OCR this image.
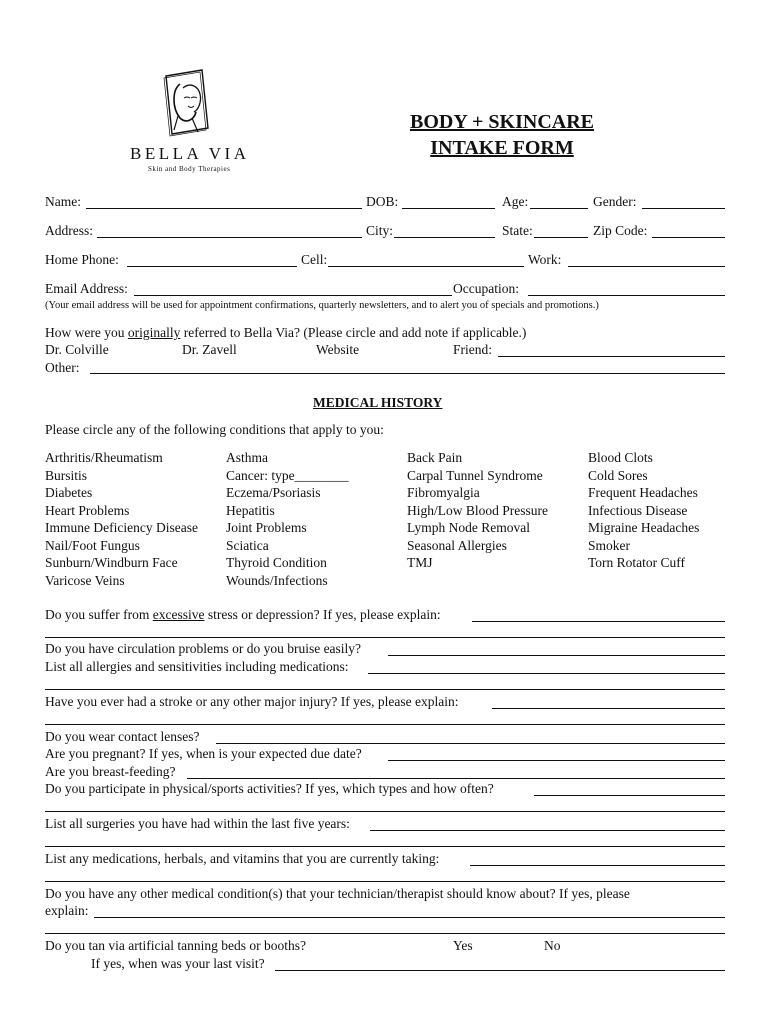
BELLA VIA
Skin and Body Therapies
BODY + SKINCARE
INTAKE FORM
Name:	DOB:	Age:	Gender:
Address:	City:	State:	Zip Code:
Home Phone:	Cell:	Work:
Email Address:	Occupation:
(Your email address will be used for appointment confirmations, quarterly newsletters, and to alert you of specials and promotions.)
How were you originally referred to Bella Via? (Please circle and add note if applicable.)
Dr. Colville	Dr. Zavell	Website	Friend:
Other:
MEDICAL HISTORY
Please circle any of the following conditions that apply to you:
Arthritis/Rheumatism
Bursitis
Diabetes
Heart Problems
Immune Deficiency Disease
Nail/Foot Fungus
Sunburn/Windburn Face
Varicose Veins
Asthma
Cancer: type________
Eczema/Psoriasis
Hepatitis
Joint Problems
Sciatica
Thyroid Condition
Wounds/Infections
Back Pain
Carpal Tunnel Syndrome
Fibromyalgia
High/Low Blood Pressure
Lymph Node Removal
Seasonal Allergies
TMJ
Blood Clots
Cold Sores
Frequent Headaches
Infectious Disease
Migraine Headaches
Smoker
Torn Rotator Cuff
Do you suffer from excessive stress or depression? If yes, please explain:
Do you have circulation problems or do you bruise easily?
List all allergies and sensitivities including medications:
Have you ever had a stroke or any other major injury? If yes, please explain:
Do you wear contact lenses?
Are you pregnant? If yes, when is your expected due date?
Are you breast-feeding?
Do you participate in physical/sports activities? If yes, which types and how often?
List all surgeries you have had within the last five years:
List any medications, herbals, and vitamins that you are currently taking:
Do you have any other medical condition(s) that your technician/therapist should know about? If yes, please
explain:
Do you tan via artificial tanning beds or booths?	Yes	No
If yes, when was your last visit?
